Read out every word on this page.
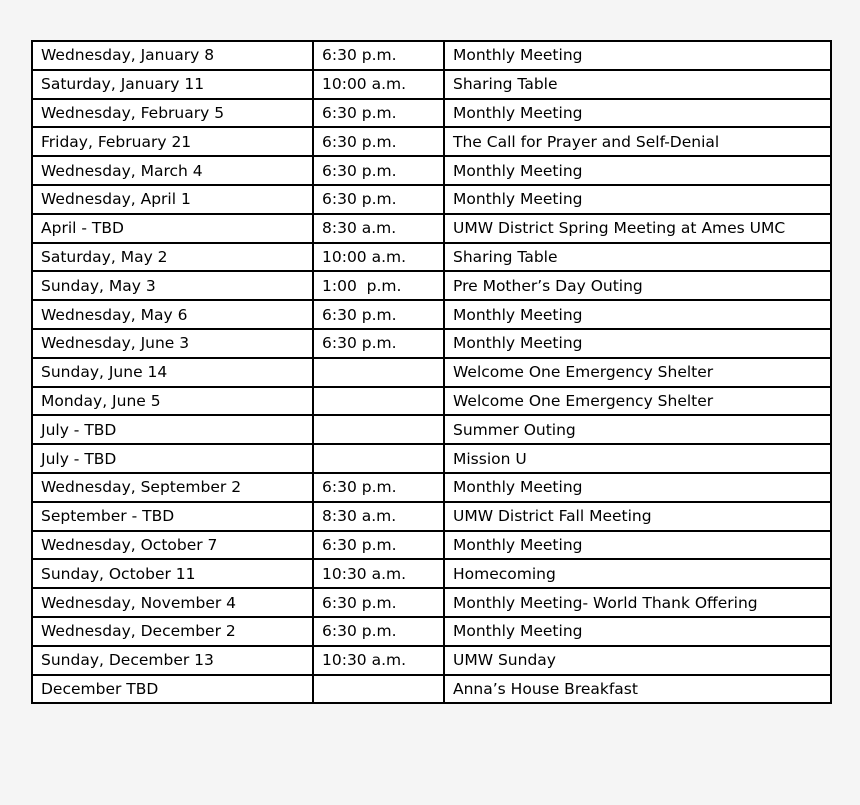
Wednesday, January 8	6:30 p.m.	Monthly Meeting
Saturday, January 11	10:00 a.m.	Sharing Table
Wednesday, February 5	6:30 p.m.	Monthly Meeting
Friday, February 21	6:30 p.m.	The Call for Prayer and Self-Denial
Wednesday, March 4	6:30 p.m.	Monthly Meeting
Wednesday, April 1	6:30 p.m.	Monthly Meeting
April - TBD	8:30 a.m.	UMW District Spring Meeting at Ames UMC
Saturday, May 2	10:00 a.m.	Sharing Table
Sunday, May 3	1:00  p.m.	Pre Mother’s Day Outing
Wednesday, May 6	6:30 p.m.	Monthly Meeting
Wednesday, June 3	6:30 p.m.	Monthly Meeting
Sunday, June 14		Welcome One Emergency Shelter
Monday, June 5		Welcome One Emergency Shelter
July - TBD		Summer Outing
July - TBD		Mission U
Wednesday, September 2	6:30 p.m.	Monthly Meeting
September - TBD	8:30 a.m.	UMW District Fall Meeting
Wednesday, October 7	6:30 p.m.	Monthly Meeting
Sunday, October 11	10:30 a.m.	Homecoming
Wednesday, November 4	6:30 p.m.	Monthly Meeting- World Thank Offering
Wednesday, December 2	6:30 p.m.	Monthly Meeting
Sunday, December 13	10:30 a.m.	UMW Sunday
December TBD		Anna’s House Breakfast
